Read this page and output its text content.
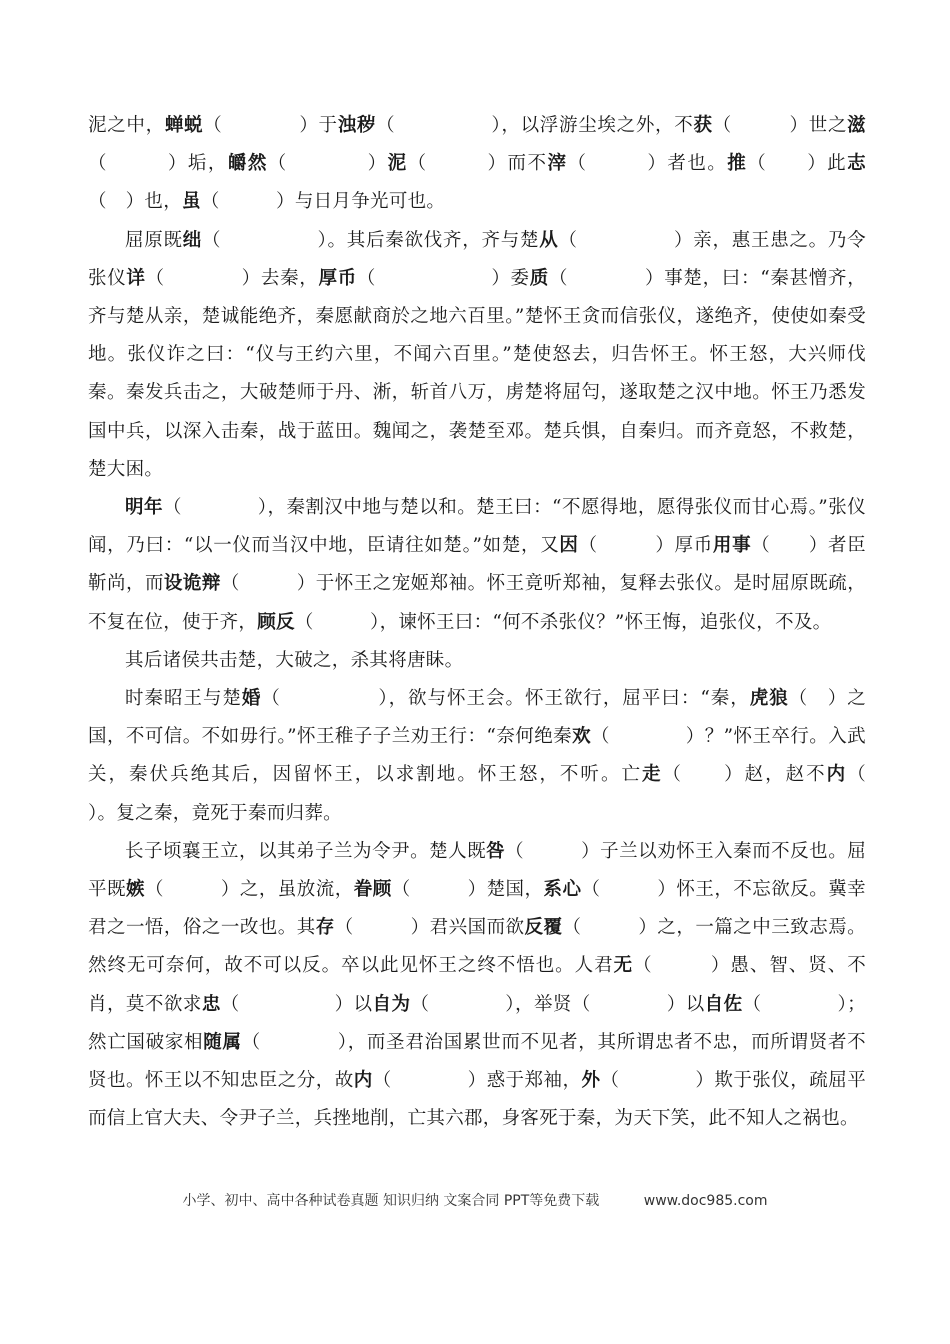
泥之中，蝉蜕（　　　　）于浊秽（　　　　　），以浮游尘埃之外，不获（　　　）世之滋（　　　）垢，皭然（　　　　）泥（　　　）而不滓（　　　）者也。推（　　）此志（　）也，虽（　　　）与日月争光可也。

屈原既绌（　　　　　）。其后秦欲伐齐，齐与楚从（　　　　　）亲，惠王患之。乃令张仪详（　　　　）去秦，厚币（　　　　　　）委质（　　　　）事楚，曰：“秦甚憎齐，齐与楚从亲，楚诚能绝齐，秦愿献商於之地六百里。”楚怀王贪而信张仪，遂绝齐，使使如秦受地。张仪诈之曰：“仪与王约六里，不闻六百里。”楚使怒去，归告怀王。怀王怒，大兴师伐秦。秦发兵击之，大破楚师于丹、淅，斩首八万，虏楚将屈匄，遂取楚之汉中地。怀王乃悉发国中兵，以深入击秦，战于蓝田。魏闻之，袭楚至邓。楚兵惧，自秦归。而齐竟怒，不救楚，楚大困。

明年（　　　　），秦割汉中地与楚以和。楚王曰：“不愿得地，愿得张仪而甘心焉。”张仪闻，乃曰：“以一仪而当汉中地，臣请往如楚。”如楚，又因（　　　）厚币用事（　　）者臣靳尚，而设诡辩（　　　）于怀王之宠姬郑袖。怀王竟听郑袖，复释去张仪。是时屈原既疏，不复在位，使于齐，顾反（　　　），谏怀王曰：“何不杀张仪？”怀王悔，追张仪，不及。

其后诸侯共击楚，大破之，杀其将唐眛。

时秦昭王与楚婚（　　　　　），欲与怀王会。怀王欲行，屈平曰：“秦，虎狼（　）之国，不可信。不如毋行。”怀王稚子子兰劝王行：“奈何绝秦欢（　　　　）？”怀王卒行。入武关，秦伏兵绝其后，因留怀王，以求割地。怀王怒，不听。亡走（　　）赵，赵不内（　　　　）。复之秦，竟死于秦而归葬。

长子顷襄王立，以其弟子兰为令尹。楚人既咎（　　　）子兰以劝怀王入秦而不反也。屈平既嫉（　　　）之，虽放流，眷顾（　　　）楚国，系心（　　　）怀王，不忘欲反。冀幸君之一悟，俗之一改也。其存（　　　）君兴国而欲反覆（　　　）之，一篇之中三致志焉。然终无可奈何，故不可以反。卒以此见怀王之终不悟也。人君无（　　　）愚、智、贤、不肖，莫不欲求忠（　　　　　）以自为（　　　　），举贤（　　　　）以自佐（　　　　）；然亡国破家相随属（　　　　），而圣君治国累世而不见者，其所谓忠者不忠，而所谓贤者不贤也。怀王以不知忠臣之分，故内（　　　　）惑于郑袖，外（　　　　）欺于张仪，疏屈平而信上官大夫、令尹子兰，兵挫地削，亡其六郡，身客死于秦，为天下笑，此不知人之祸也。

小学、初中、高中各种试卷真题 知识归纳 文案合同 PPT等免费下载	www.doc985.com
